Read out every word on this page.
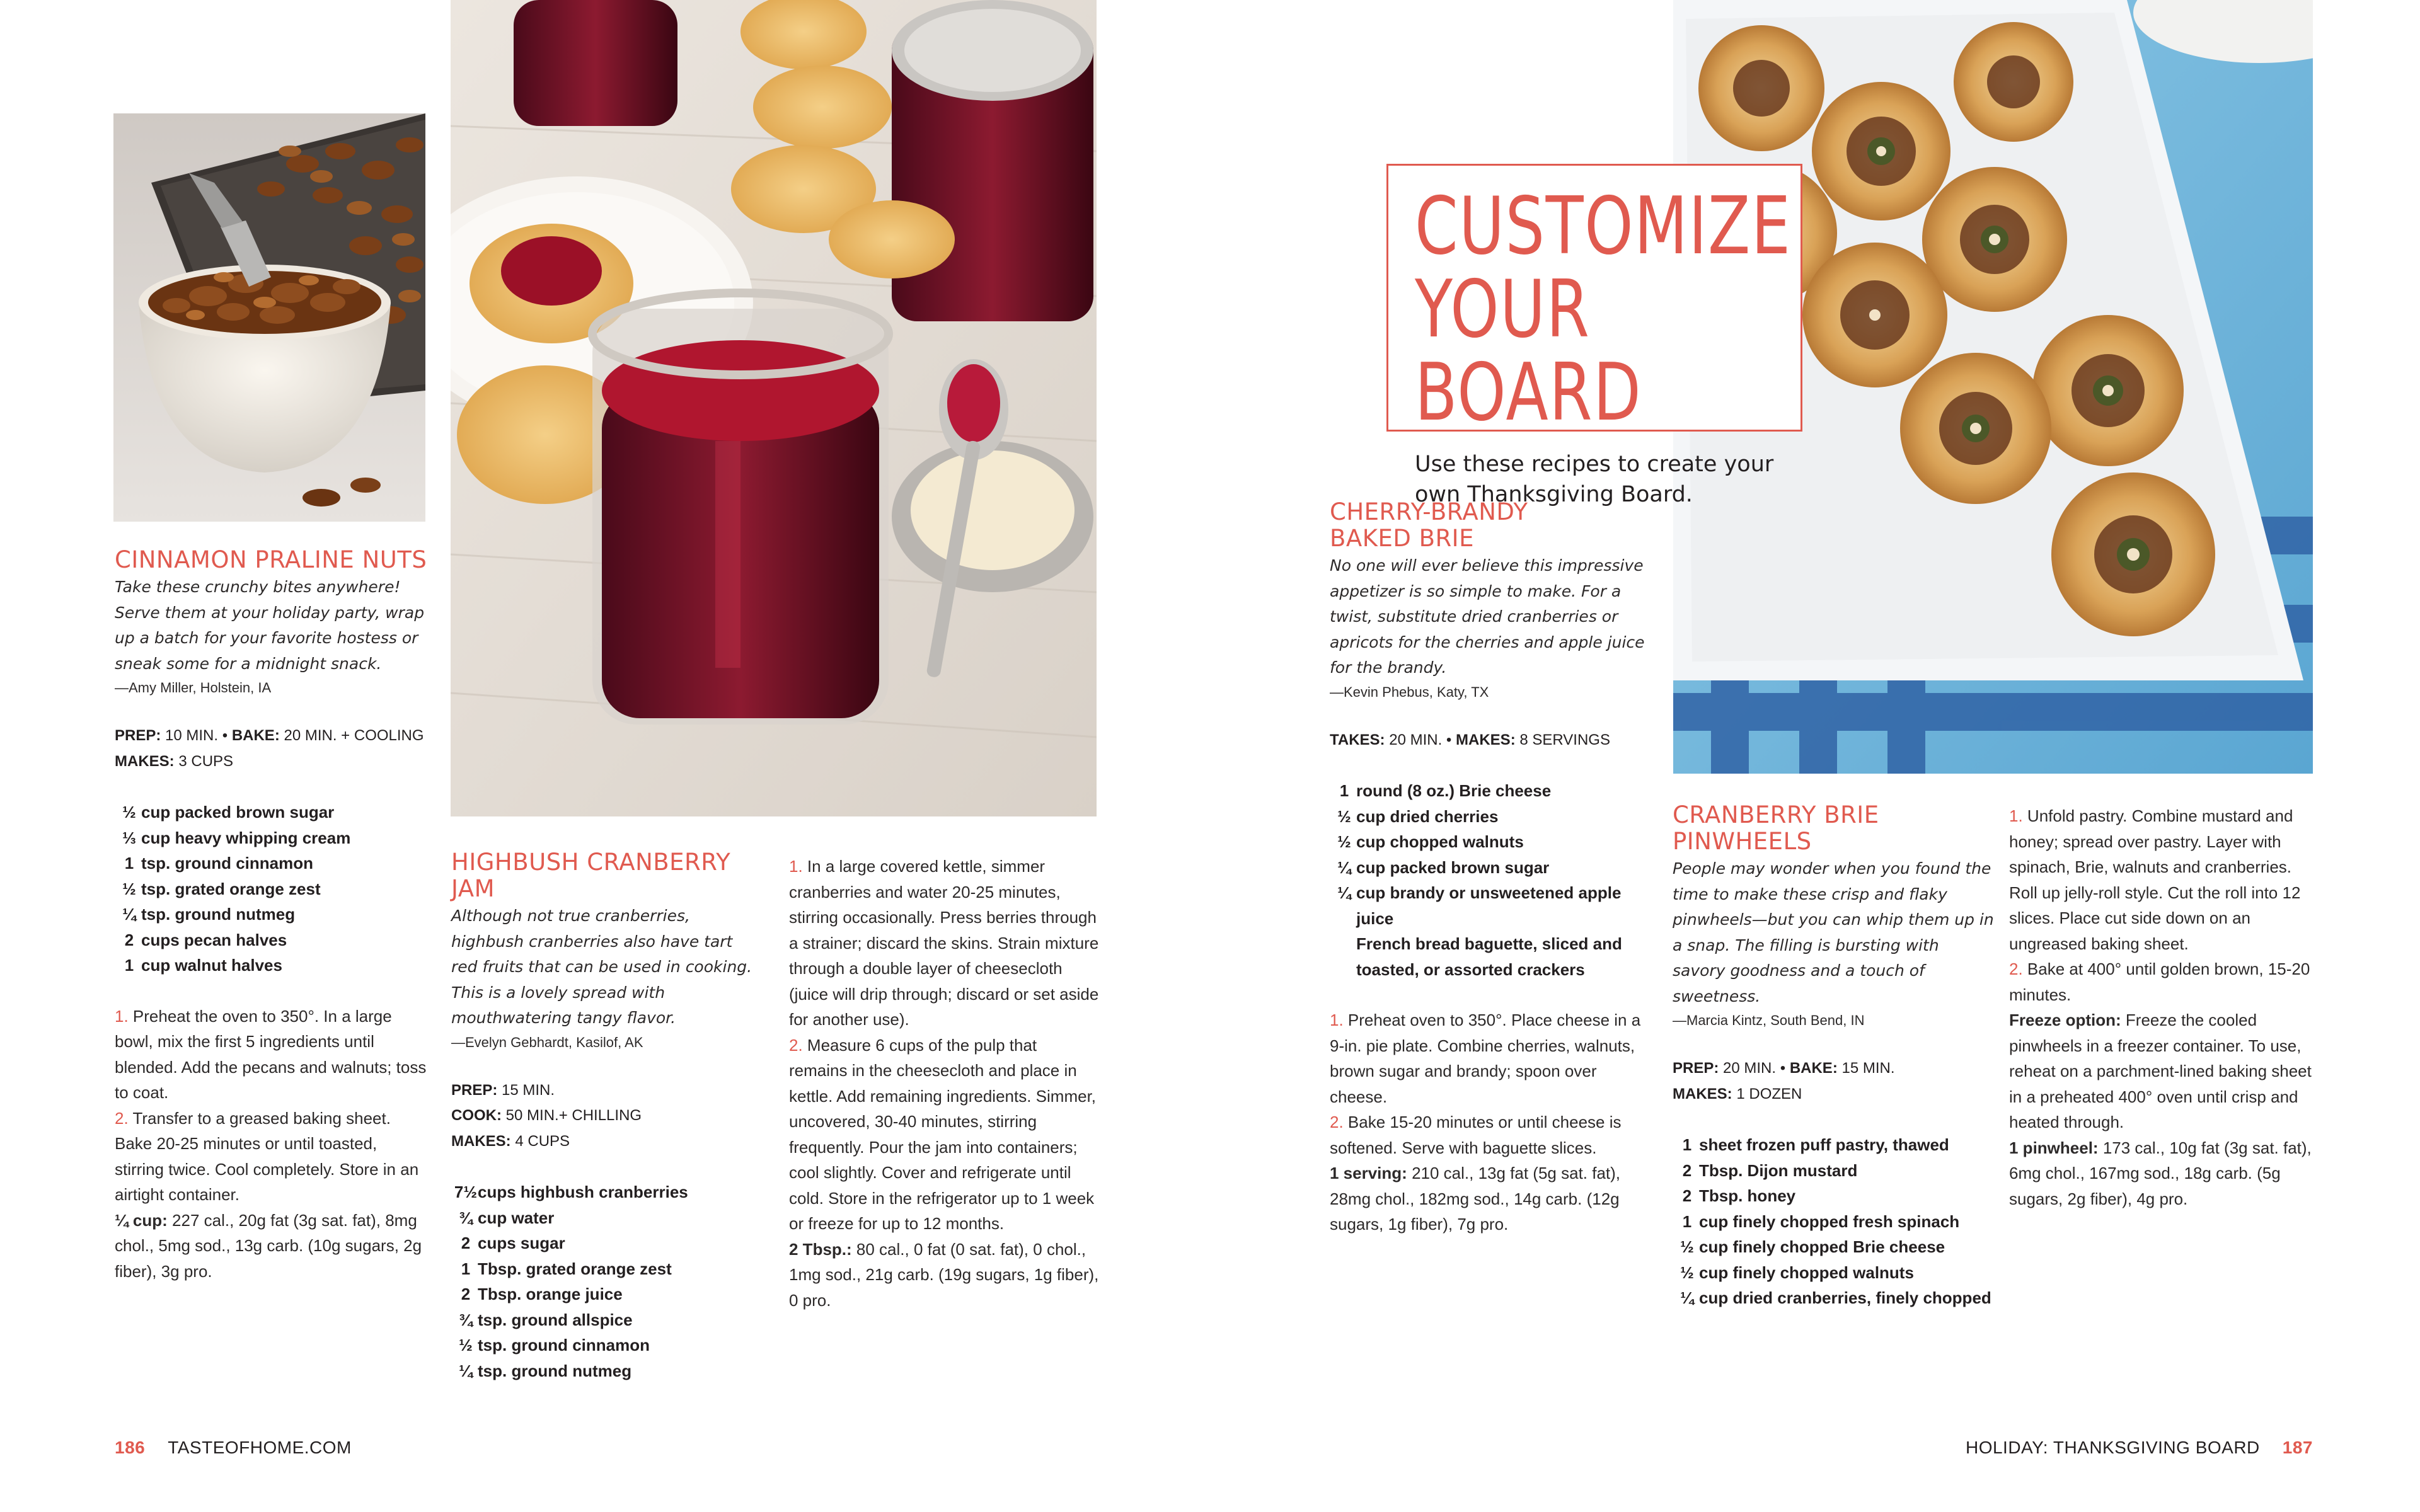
CUSTOMIZE
YOUR BOARD

Use these recipes to create your
own Thanksgiving Board.

CINNAMON PRALINE NUTS

Take these crunchy bites anywhere! Serve them at your holiday party, wrap up a batch for your favorite hostess or sneak some for a midnight snack.

—Amy Miller, Holstein, IA

PREP: 10 MIN. • BAKE: 20 MIN. + COOLING

MAKES: 3 CUPS

½ cup packed brown sugar
⅓ cup heavy whipping cream
1 tsp. ground cinnamon
½ tsp. grated orange zest
¼ tsp. ground nutmeg
2 cups pecan halves
1 cup walnut halves

1. Preheat the oven to 350°. In a large bowl, mix the first 5 ingredients until blended. Add the pecans and walnuts; toss to coat.

2. Transfer to a greased baking sheet. Bake 20-25 minutes or until toasted, stirring twice. Cool completely. Store in an airtight container.

¼ cup: 227 cal., 20g fat (3g sat. fat), 8mg chol., 5mg sod., 13g carb. (10g sugars, 2g fiber), 3g pro.

HIGHBUSH CRANBERRY JAM

Although not true cranberries, highbush cranberries also have tart red fruits that can be used in cooking. This is a lovely spread with mouthwatering tangy flavor.

—Evelyn Gebhardt, Kasilof, AK

PREP: 15 MIN.

COOK: 50 MIN.+ CHILLING

MAKES: 4 CUPS

7½ cups highbush cranberries
¾ cup water
2 cups sugar
1 Tbsp. grated orange zest
2 Tbsp. orange juice
¾ tsp. ground allspice
½ tsp. ground cinnamon
¼ tsp. ground nutmeg

1. In a large covered kettle, simmer cranberries and water 20-25 minutes, stirring occasionally. Press berries through a strainer; discard the skins. Strain mixture through a double layer of cheesecloth (juice will drip through; discard or set aside for another use).

2. Measure 6 cups of the pulp that remains in the cheesecloth and place in kettle. Add remaining ingredients. Simmer, uncovered, 30-40 minutes, stirring frequently. Pour the jam into containers; cool slightly. Cover and refrigerate until cold. Store in the refrigerator up to 1 week or freeze for up to 12 months.

2 Tbsp.: 80 cal., 0 fat (0 sat. fat), 0 chol., 1mg sod., 21g carb. (19g sugars, 1g fiber), 0 pro.

CHERRY-BRANDY
BAKED BRIE

No one will ever believe this impressive appetizer is so simple to make. For a twist, substitute dried cranberries or apricots for the cherries and apple juice for the brandy.

—Kevin Phebus, Katy, TX

TAKES: 20 MIN. • MAKES: 8 SERVINGS

1 round (8 oz.) Brie cheese
½ cup dried cherries
½ cup chopped walnuts
¼ cup packed brown sugar
¼ cup brandy or unsweetened apple juice
French bread baguette, sliced and toasted, or assorted crackers

1. Preheat oven to 350°. Place cheese in a 9-in. pie plate. Combine cherries, walnuts, brown sugar and brandy; spoon over cheese.

2. Bake 15-20 minutes or until cheese is softened. Serve with baguette slices.

1 serving: 210 cal., 13g fat (5g sat. fat), 28mg chol., 182mg sod., 14g carb. (12g sugars, 1g fiber), 7g pro.

CRANBERRY BRIE
PINWHEELS

People may wonder when you found the time to make these crisp and flaky pinwheels—but you can whip them up in a snap. The filling is bursting with savory goodness and a touch of sweetness.

—Marcia Kintz, South Bend, IN

PREP: 20 MIN. • BAKE: 15 MIN.

MAKES: 1 DOZEN

1 sheet frozen puff pastry, thawed
2 Tbsp. Dijon mustard
2 Tbsp. honey
1 cup finely chopped fresh spinach
½ cup finely chopped Brie cheese
½ cup finely chopped walnuts
¼ cup dried cranberries, finely chopped

1. Unfold pastry. Combine mustard and honey; spread over pastry. Layer with spinach, Brie, walnuts and cranberries. Roll up jelly-roll style. Cut the roll into 12 slices. Place cut side down on an ungreased baking sheet.

2. Bake at 400° until golden brown, 15-20 minutes.

Freeze option: Freeze the cooled pinwheels in a freezer container. To use, reheat on a parchment-lined baking sheet in a preheated 400° oven until crisp and heated through.

1 pinwheel: 173 cal., 10g fat (3g sat. fat), 6mg chol., 167mg sod., 18g carb. (5g sugars, 2g fiber), 4g pro.

186 TASTEOFHOME.COM	HOLIDAY: THANKSGIVING BOARD 187
